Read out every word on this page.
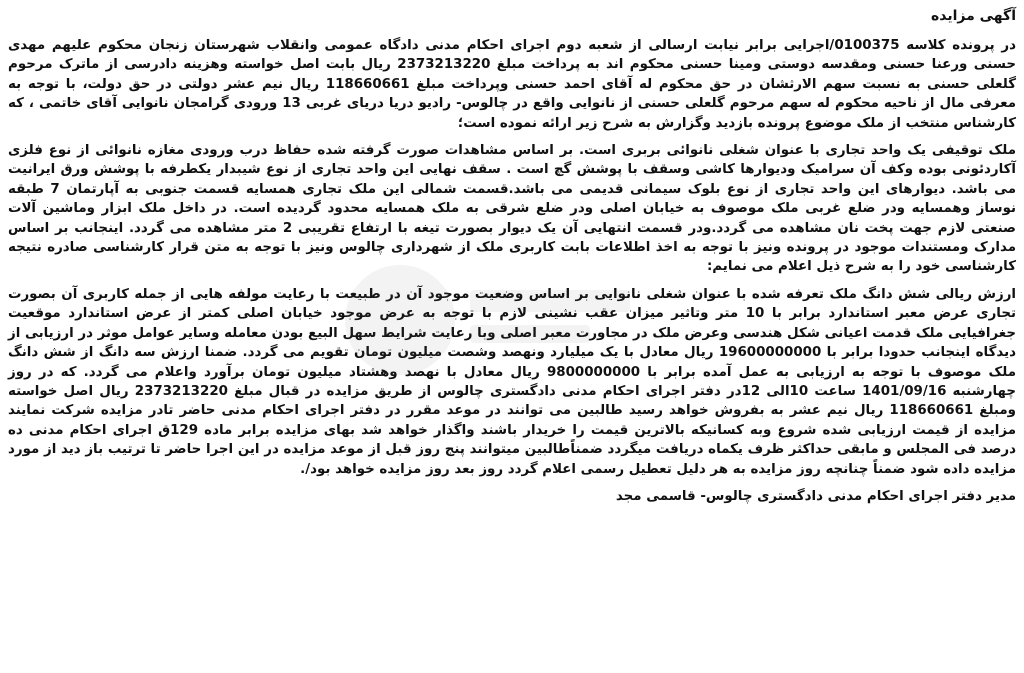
آگهی مزایده
در پرونده کلاسه 0100375/اجرایی برابر نیابت ارسالی از شعبه دوم اجرای احکام مدنی دادگاه عمومی وانقلاب شهرستان زنجان محکوم علیهم مهدی حسنی ورعنا حسنی ومقدسه دوستی ومینا حسنی محکوم اند به پرداخت مبلغ 2373213220 ریال بابت اصل خواسته وهزینه دادرسی از ماترک مرحوم گلعلی حسنی به نسبت سهم الارثشان در حق محکوم له آقای احمد حسنی وپرداخت مبلغ 118660661 ریال نیم عشر دولتی در حق دولت، با توجه به معرفی مال از ناحیه محکوم له سهم مرحوم گلعلی حسنی از نانوایی واقع در چالوس- رادیو دریا دریای غربی 13 ورودی گرامجان نانوایی آقای خاتمی ، که کارشناس منتخب از ملک موضوع پرونده بازدید وگزارش به شرح زیر ارائه نموده است؛
ملک توقیفی یک واحد تجاری با عنوان شغلی نانوائی بربری است. بر اساس مشاهدات صورت گرفته شده حفاظ درب ورودی مغازه نانوائی از نوع فلزی آکاردئونی بوده وکف آن سرامیک ودیوارها کاشی وسقف با پوشش گچ است . سقف نهایی این واحد تجاری از نوع شیبدار یکطرفه با پوشش ورق ایرانیت می باشد. دیوارهای این واحد تجاری از نوع بلوک سیمانی قدیمی می باشد.قسمت شمالی این ملک تجاری همسایه قسمت جنوبی به آپارتمان 7 طبقه نوساز وهمسایه ودر ضلع غربی ملک موصوف به خیابان اصلی ودر ضلع شرقی به ملک همسایه محدود گردیده است. در داخل ملک ابزار وماشین آلات صنعتی لازم جهت پخت نان مشاهده می گردد.ودر قسمت انتهایی آن یک دیوار بصورت تیغه با ارتفاع تقریبی 2 متر مشاهده می گردد. اینجانب بر اساس مدارک ومستندات موجود در پرونده ونیز با توجه به اخذ اطلاعات بابت کاربری ملک از شهرداری چالوس ونیز با توجه به متن قرار کارشناسی صادره نتیجه کارشناسی خود را به شرح ذیل اعلام می نمایم:
ارزش ریالی شش دانگ ملک تعرفه شده با عنوان شغلی نانوایی بر اساس وضعیت موجود آن در طبیعت با رعایت مولفه هایی از جمله کاربری آن بصورت تجاری عرض معبر استاندارد برابر با 10 متر وتاثیر میزان عقب نشینی لازم با توجه به عرض موجود خیابان اصلی کمتر از عرض استاندارد موقعیت جغرافیایی ملک قدمت اعیانی شکل هندسی وعرض ملک در مجاورت معبر اصلی وبا رعایت شرایط سهل البیع بودن معامله وسایر عوامل موثر در ارزیابی از دیدگاه اینجانب حدودا برابر با 19600000000 ریال معادل با یک میلیارد ونهصد وشصت میلیون تومان تقویم می گردد. ضمنا ارزش سه دانگ از شش دانگ ملک موصوف با توجه به ارزیابی به عمل آمده برابر با 9800000000 ریال معادل با نهصد وهشتاد میلیون تومان برآورد واعلام می گردد. که در روز چهارشنبه 1401/09/16 ساعت 10الی 12در دفتر اجرای احکام مدنی دادگستری چالوس از طریق مزایده در قبال مبلغ 2373213220 ریال اصل خواسته ومبلغ 118660661 ریال نیم عشر به بفروش خواهد رسید طالبین می توانند در موعد مقرر در دفتر اجرای احکام مدنی حاضر تادر مزایده شرکت نمایند مزایده از قیمت ارزیابی شده شروع وبه کسانیکه بالاترین قیمت را خریدار باشند واگذار خواهد شد بهای مزایده برابر ماده 129ق اجرای احکام مدنی ده درصد فی المجلس و مابقی حداکثر ظرف یکماه دریافت میگردد ضمناًطالبین میتوانند پنج روز قبل از موعد مزایده در این اجرا حاضر تا ترتیب باز دید از مورد مزایده داده شود ضمناً چنانچه روز مزایده به هر دلیل تعطیل رسمی اعلام گردد روز بعد روز مزایده خواهد بود/.
مدیر دفتر اجرای احکام مدنی دادگستری چالوس- قاسمی مجد
